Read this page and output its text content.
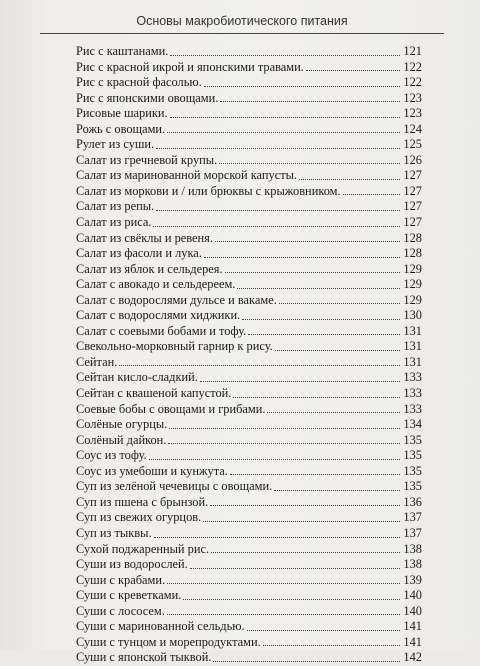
Основы макробиотического питания
Рис с каштанами.	121
Рис с красной икрой и японскими травами.	122
Рис с красной фасолью.	122
Рис с японскими овощами.	123
Рисовые шарики.	123
Рожь с овощами.	124
Рулет из суши.	125
Салат из гречневой крупы.	126
Салат из маринованной морской капусты.	127
Салат из моркови и / или брюквы с крыжовником.	127
Салат из репы.	127
Салат из риса.	127
Салат из свёклы и ревеня.	128
Салат из фасоли и лука.	128
Салат из яблок и сельдерея.	129
Салат с авокадо и сельдереем.	129
Салат с водорослями дульсе и вакаме.	129
Салат с водорослями хиджики.	130
Салат с соевыми бобами и тофу.	131
Свекольно-морковный гарнир к рису.	131
Сейтан.	131
Сейтан кисло-сладкий.	133
Сейтан с квашеной капустой.	133
Соевые бобы с овощами и грибами.	133
Солёные огурцы.	134
Солёный дайкон.	135
Соус из тофу.	135
Соус из умебоши и кунжута.	135
Суп из зелёной чечевицы с овощами.	135
Суп из пшена с брынзой.	136
Суп из свежих огурцов.	137
Суп из тыквы.	137
Сухой поджаренный рис.	138
Суши из водорослей.	138
Суши с крабами.	139
Суши с креветками.	140
Суши с лососем.	140
Суши с маринованной сельдью.	141
Суши с тунцом и морепродуктами.	141
Суши с японской тыквой.	142
